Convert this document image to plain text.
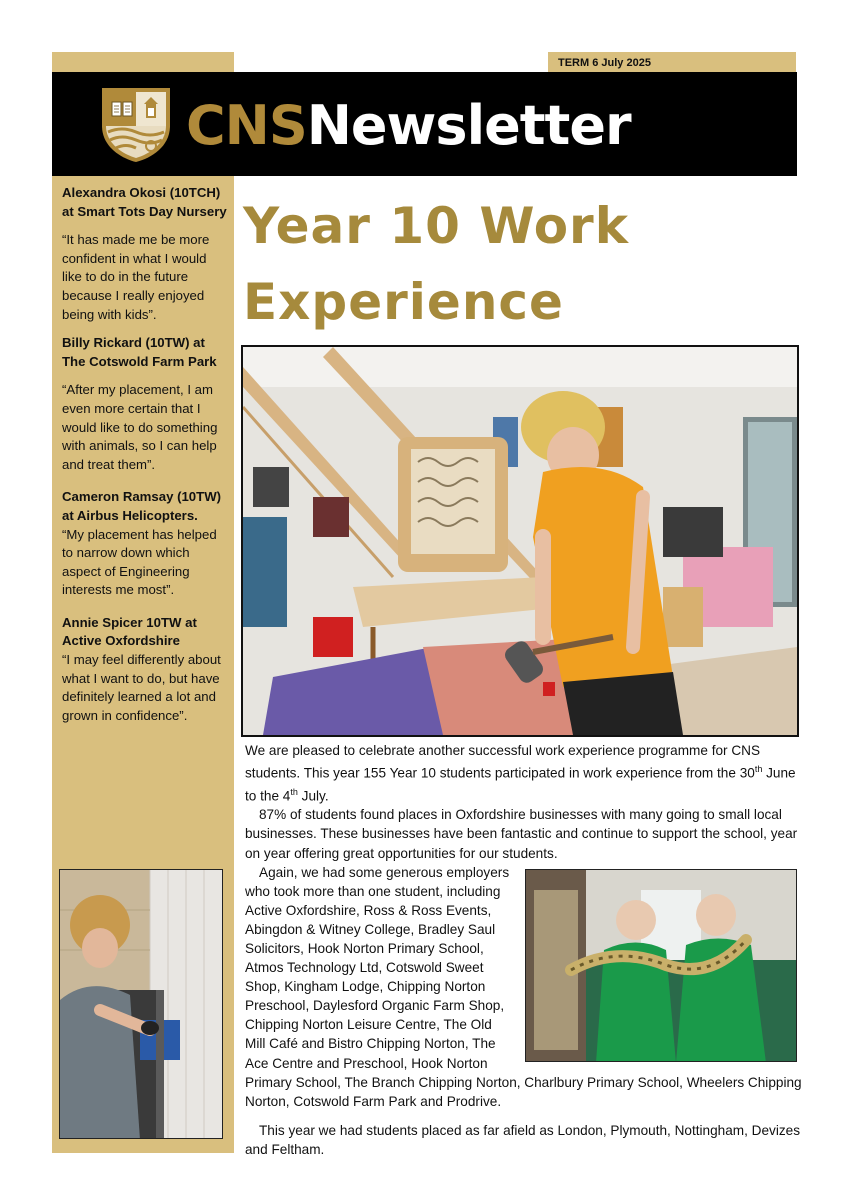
TERM 6 July 2025
CNSNewsletter

Alexandra Okosi (10TCH) at Smart Tots Day Nursery

“It has made me be more confident in what I would like to do in the future because I really enjoyed being with kids”.

Billy Rickard (10TW) at The Cotswold Farm Park

“After my placement, I am even more certain that I would like to do something with animals, so I can help and treat them”.

Cameron Ramsay (10TW) at Airbus Helicopters.

“My placement has helped to narrow down which aspect of Engineering interests me most”.

Annie Spicer 10TW at Active Oxfordshire

“I may feel differently about what I want to do, but have definitely learned a lot and grown in confidence”.

Year 10 Work
Experience

We are pleased to celebrate another successful work experience programme for CNS students. This year 155 Year 10 students participated in work experience from the 30th June to the 4th July.

87% of students found places in Oxfordshire businesses with many going to small local businesses. These businesses have been fantastic and continue to support the school, year on year offering great opportunities for our students.

Again, we had some generous employers who took more than one student, including Active Oxfordshire, Ross & Ross Events, Abingdon & Witney College, Bradley Saul Solicitors, Hook Norton Primary School, Atmos Technology Ltd, Cotswold Sweet Shop, Kingham Lodge, Chipping Norton Preschool, Daylesford Organic Farm Shop, Chipping Norton Leisure Centre, The Old Mill Café and Bistro Chipping Norton, The Ace Centre and Preschool, Hook Norton Primary School, The Branch Chipping Norton, Charlbury Primary School, Wheelers Chipping Norton, Cotswold Farm Park and Prodrive.

This year we had students placed as far afield as London, Plymouth, Nottingham, Devizes and Feltham.
